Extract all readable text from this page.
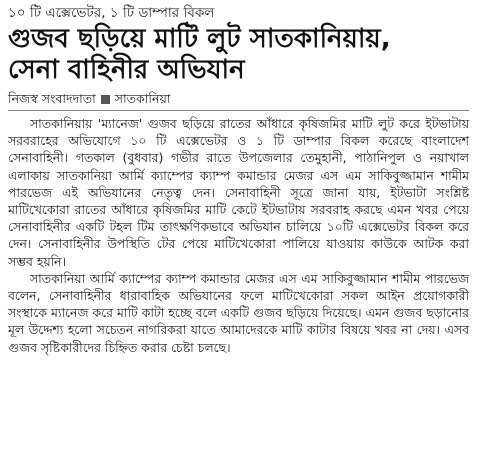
১০ টি এক্সেভেটর, ১ টি ডাম্পার বিকল
গুজব ছড়িয়ে মাটি লুট সাতকানিয়ায়,
সেনা বাহিনীর অভিযান
নিজস্ব সংবাদদাতা সাতকানিয়া

সাতকানিয়ায় 'ম্যানেজ' গুজব ছড়িয়ে রাতের আঁধারে কৃষিজমির মাটি লুট করে ইটভাটায় সরবরাহের অভিযোগে ১০ টি এক্সেভেটর ও ১ টি ডাম্পার বিকল করেছে বাংলাদেশ সেনাবাহিনী। গতকাল (বুধবার) গভীর রাতে উপজেলার তেমুহানী, পাঠানিপুল ও নয়াখাল এলাকায় সাতকানিয়া আর্মি ক্যাম্পের ক্যাম্প কমান্ডার মেজর এস এম সাকিবুজ্জামান শামীম পারভেজ এই অভিযানের নেতৃত্ব দেন। সেনাবাহিনী সূত্রে জানা যায়, ইটভাটা সংশ্লিষ্ট মাটিখেকোরা রাতের আঁধারে কৃষিজমির মাটি কেটে ইটভাটায় সরবরাহ করছে এমন খবর পেয়ে সেনাবাহিনীর একটি টহল টিম তাৎক্ষণিকভাবে অভিযান চালিয়ে ১০টি এক্সেভেটর বিকল করে দেন। সেনাবাহিনীর উপস্থিতি টের পেয়ে মাটিখেকোরা পালিয়ে যাওয়ায় কাউকে আটক করা সম্ভব হয়নি।

সাতকানিয়া আর্মি ক্যাম্পের ক্যাম্প কমান্ডার মেজর এস এম সাকিবুজ্জামান শামীম পারভেজ বলেন, সেনাবাহিনীর ধারাবাহিক অভিযানের ফলে মাটিখেকোরা সকল আইন প্রয়োগকারী সংস্থাকে ম্যানেজ করে মাটি কাটা হচ্ছে বলে একটি গুজব ছড়িয়ে দিয়েছে। এমন গুজব ছড়ানোর মূল উদ্দেশ্য হলো সচেতন নাগরিকরা যাতে আমাদেরকে মাটি কাটার বিষয়ে খবর না দেয়। এসব গুজব সৃষ্টিকারীদের চিহ্নিত করার চেষ্টা চলছে।
